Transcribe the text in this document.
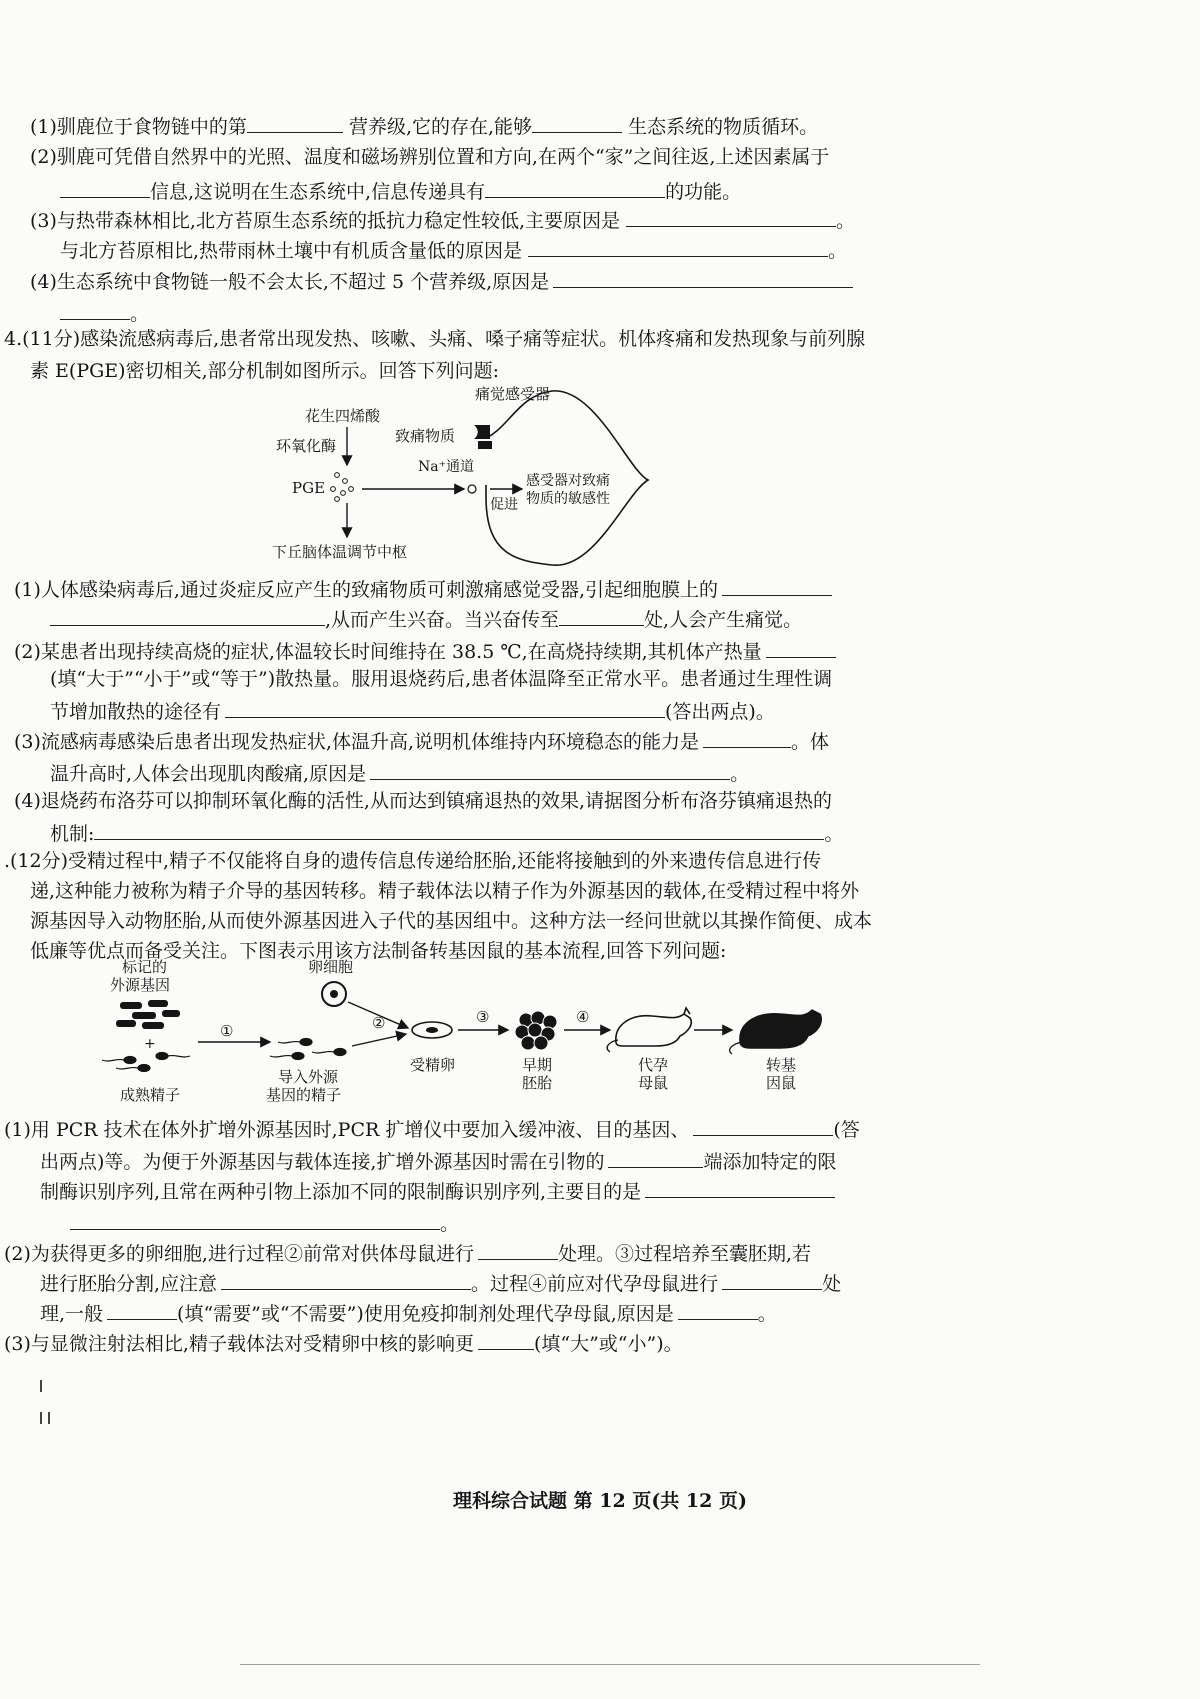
(1)驯鹿位于食物链中的第	营养级,它的存在,能够	生态系统的物质循环。
(2)驯鹿可凭借自然界中的光照、温度和磁场辨别位置和方向,在两个“家”之间往返,上述因素属于
信息,这说明在生态系统中,信息传递具有	的功能。
(3)与热带森林相比,北方苔原生态系统的抵抗力稳定性较低,主要原因是	。
与北方苔原相比,热带雨林土壤中有机质含量低的原因是	。
(4)生态系统中食物链一般不会太长,不超过 5 个营养级,原因是
。
4.(11分)感染流感病毒后,患者常出现发热、咳嗽、头痛、嗓子痛等症状。机体疼痛和发热现象与前列腺
素 E(PGE)密切相关,部分机制如图所示。回答下列问题:
痛觉感受器
花生四烯酸
环氧化酶
致痛物质
Na⁺通道
PGE
促进
感受器对致痛
物质的敏感性
下丘脑体温调节中枢
(1)人体感染病毒后,通过炎症反应产生的致痛物质可刺激痛感觉受器,引起细胞膜上的
,从而产生兴奋。当兴奋传至	处,人会产生痛觉。
(2)某患者出现持续高烧的症状,体温较长时间维持在 38.5 ℃,在高烧持续期,其机体产热量
(填“大于”“小于”或“等于”)散热量。服用退烧药后,患者体温降至正常水平。患者通过生理性调
节增加散热的途径有	(答出两点)。
(3)流感病毒感染后患者出现发热症状,体温升高,说明机体维持内环境稳态的能力是	。体
温升高时,人体会出现肌肉酸痛,原因是	。
(4)退烧药布洛芬可以抑制环氧化酶的活性,从而达到镇痛退热的效果,请据图分析布洛芬镇痛退热的
机制:	。
.(12分)受精过程中,精子不仅能将自身的遗传信息传递给胚胎,还能将接触到的外来遗传信息进行传
递,这种能力被称为精子介导的基因转移。精子载体法以精子作为外源基因的载体,在受精过程中将外
源基因导入动物胚胎,从而使外源基因进入子代的基因组中。这种方法一经问世就以其操作简便、成本
低廉等优点而备受关注。下图表示用该方法制备转基因鼠的基本流程,回答下列问题:
标记的
外源基因
+
成熟精子
①
卵细胞
导入外源
基因的精子
②
受精卵
③
早期
胚胎
④
代孕
母鼠
转基
因鼠
(1)用 PCR 技术在体外扩增外源基因时,PCR 扩增仪中要加入缓冲液、目的基因、	(答
出两点)等。为便于外源基因与载体连接,扩增外源基因时需在引物的	端添加特定的限
制酶识别序列,且常在两种引物上添加不同的限制酶识别序列,主要目的是
。
(2)为获得更多的卵细胞,进行过程②前常对供体母鼠进行	处理。③过程培养至囊胚期,若
进行胚胎分割,应注意	。过程④前应对代孕母鼠进行	处
理,一般	(填“需要”或“不需要”)使用免疫抑制剂处理代孕母鼠,原因是	。
(3)与显微注射法相比,精子载体法对受精卵中核的影响更	(填“大”或“小”)。
理科综合试题 第 12 页(共 12 页)
